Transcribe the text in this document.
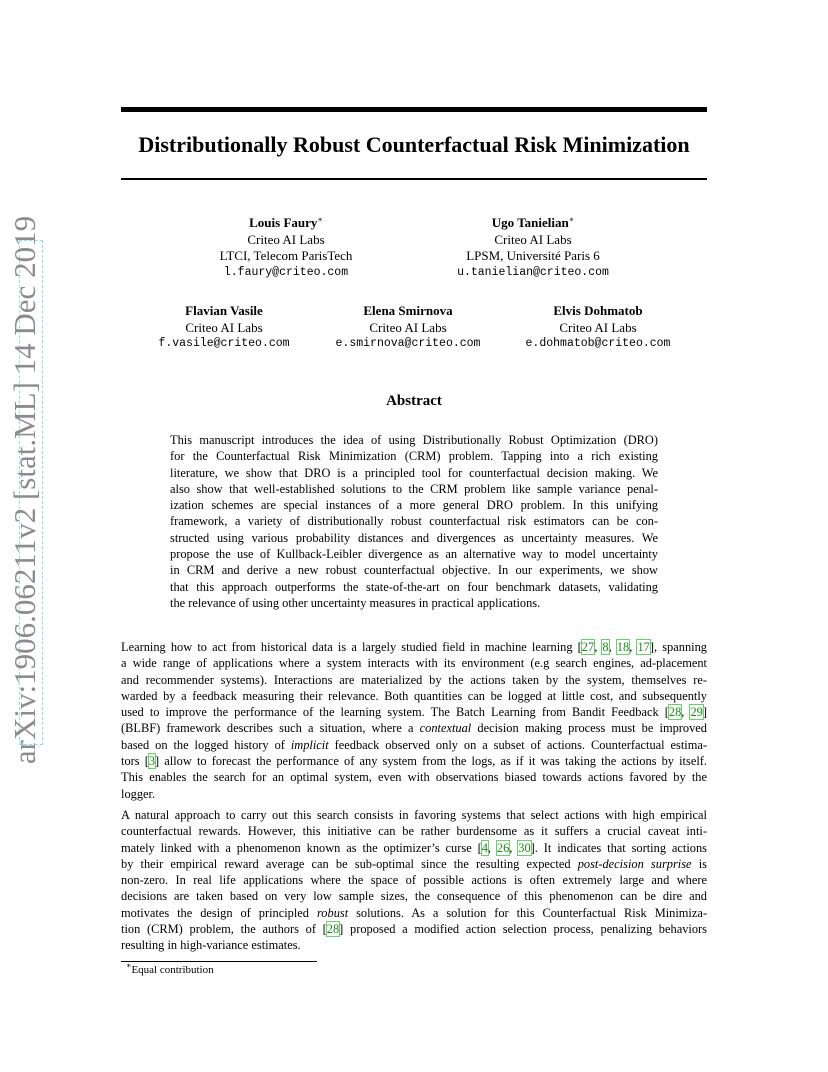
arXiv:1906.06211v2 [stat.ML] 14 Dec 2019
Distributionally Robust Counterfactual Risk Minimization
Louis Faury∗
Criteo AI Labs
LTCI, Telecom ParisTech
l.faury@criteo.com
Ugo Tanielian∗
Criteo AI Labs
LPSM, Université Paris 6
u.tanielian@criteo.com
Flavian Vasile
Criteo AI Labs
f.vasile@criteo.com
Elena Smirnova
Criteo AI Labs
e.smirnova@criteo.com
Elvis Dohmatob
Criteo AI Labs
e.dohmatob@criteo.com
Abstract
This manuscript introduces the idea of using Distributionally Robust Optimization (DRO)
for the Counterfactual Risk Minimization (CRM) problem. Tapping into a rich existing
literature, we show that DRO is a principled tool for counterfactual decision making. We
also show that well-established solutions to the CRM problem like sample variance penal-
ization schemes are special instances of a more general DRO problem. In this unifying
framework, a variety of distributionally robust counterfactual risk estimators can be con-
structed using various probability distances and divergences as uncertainty measures. We
propose the use of Kullback-Leibler divergence as an alternative way to model uncertainty
in CRM and derive a new robust counterfactual objective. In our experiments, we show
that this approach outperforms the state-of-the-art on four benchmark datasets, validating
the relevance of using other uncertainty measures in practical applications.
Learning how to act from historical data is a largely studied field in machine learning [27, 8, 18, 17], spanning
a wide range of applications where a system interacts with its environment (e.g search engines, ad-placement
and recommender systems). Interactions are materialized by the actions taken by the system, themselves re-
warded by a feedback measuring their relevance. Both quantities can be logged at little cost, and subsequently
used to improve the performance of the learning system. The Batch Learning from Bandit Feedback [28, 29]
(BLBF) framework describes such a situation, where a contextual decision making process must be improved
based on the logged history of implicit feedback observed only on a subset of actions. Counterfactual estima-
tors [3] allow to forecast the performance of any system from the logs, as if it was taking the actions by itself.
This enables the search for an optimal system, even with observations biased towards actions favored by the
logger.
A natural approach to carry out this search consists in favoring systems that select actions with high empirical
counterfactual rewards. However, this initiative can be rather burdensome as it suffers a crucial caveat inti-
mately linked with a phenomenon known as the optimizer’s curse [4, 26, 30]. It indicates that sorting actions
by their empirical reward average can be sub-optimal since the resulting expected post-decision surprise is
non-zero. In real life applications where the space of possible actions is often extremely large and where
decisions are taken based on very low sample sizes, the consequence of this phenomenon can be dire and
motivates the design of principled robust solutions. As a solution for this Counterfactual Risk Minimiza-
tion (CRM) problem, the authors of [28] proposed a modified action selection process, penalizing behaviors
resulting in high-variance estimates.
∗Equal contribution
